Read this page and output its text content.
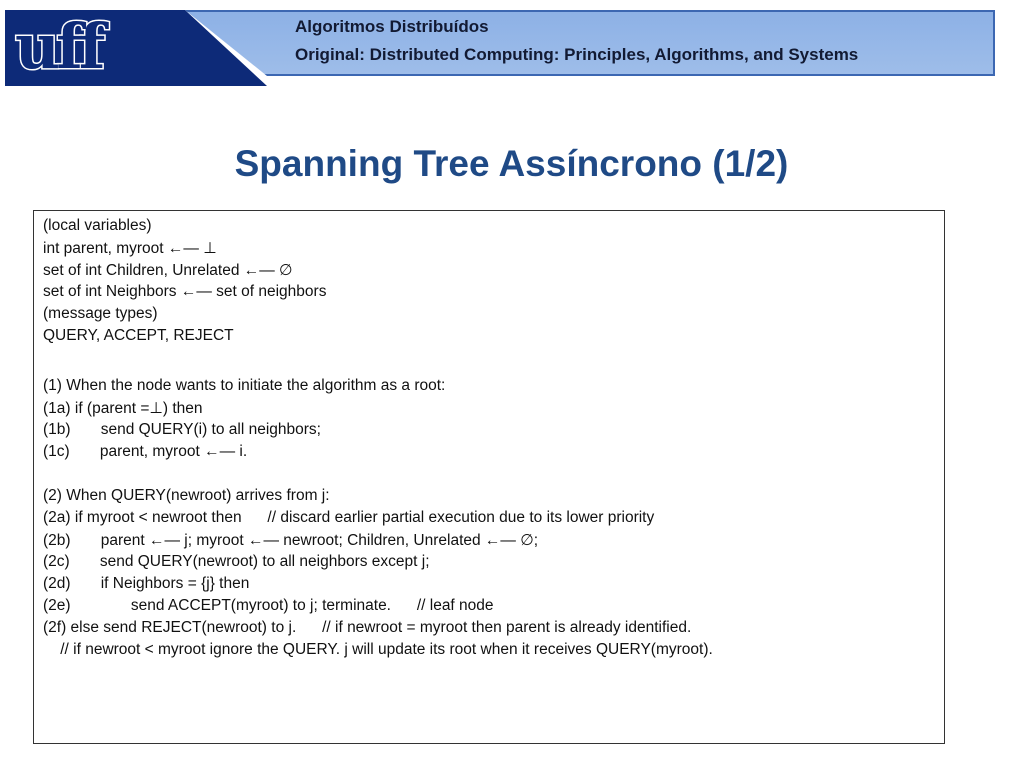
uff	Algoritmos Distribuídos
Original: Distributed Computing: Principles, Algorithms, and Systems
Spanning Tree Assíncrono (1/2)
(local variables)
int parent, myroot ←— ⊥
set of int Children, Unrelated ←— ∅
set of int Neighbors ←— set of neighbors
(message types)
QUERY, ACCEPT, REJECT
(1) When the node wants to initiate the algorithm as a root:
(1a) if (parent =⊥) then
(1b)       send QUERY(i) to all neighbors;
(1c)       parent, myroot ←— i.
(2) When QUERY(newroot) arrives from j:
(2a) if myroot < newroot then      // discard earlier partial execution due to its lower priority
(2b)       parent ←— j; myroot ←— newroot; Children, Unrelated ←— ∅;
(2c)       send QUERY(newroot) to all neighbors except j;
(2d)       if Neighbors = {j} then
(2e)              send ACCEPT(myroot) to j; terminate.      // leaf node
(2f) else send REJECT(newroot) to j.      // if newroot = myroot then parent is already identified.
// if newroot < myroot ignore the QUERY. j will update its root when it receives QUERY(myroot).
